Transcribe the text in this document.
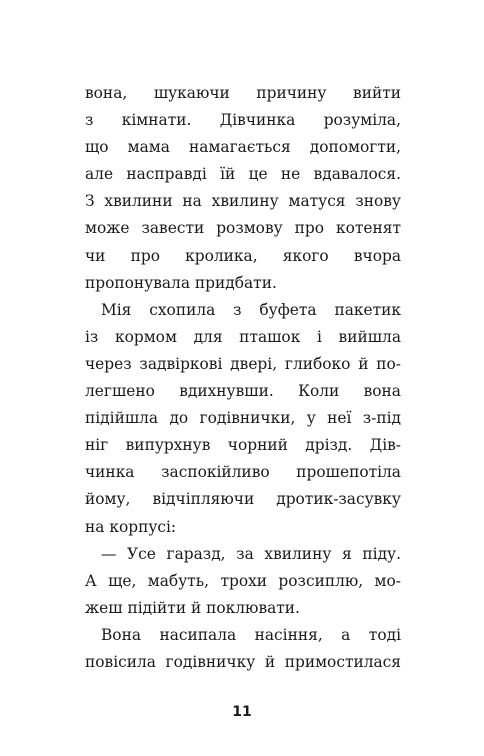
вона, шукаючи причину вийти
з кімнати. Дівчинка розуміла,
що мама намагається допомогти,
але насправді їй це не вдавалося.
З хвилини на хвилину матуся знову
може завести розмову про котенят
чи про кролика, якого вчора
пропонувала придбати.
Мія схопила з буфета пакетик
із кормом для пташок і вийшла
через задвіркові двері, глибоко й по-
легшено вдихнувши. Коли вона
підійшла до годівнички, у неї з-під
ніг випурхнув чорний дрізд. Дів-
чинка заспокійливо прошепотіла
йому, відчіпляючи дротик-засувку
на корпусі:
— Усе гаразд, за хвилину я піду.
А ще, мабуть, трохи розсиплю, мо-
жеш підійти й поклювати.
Вона насипала насіння, а тоді
повісила годівничку й примостилася
11
